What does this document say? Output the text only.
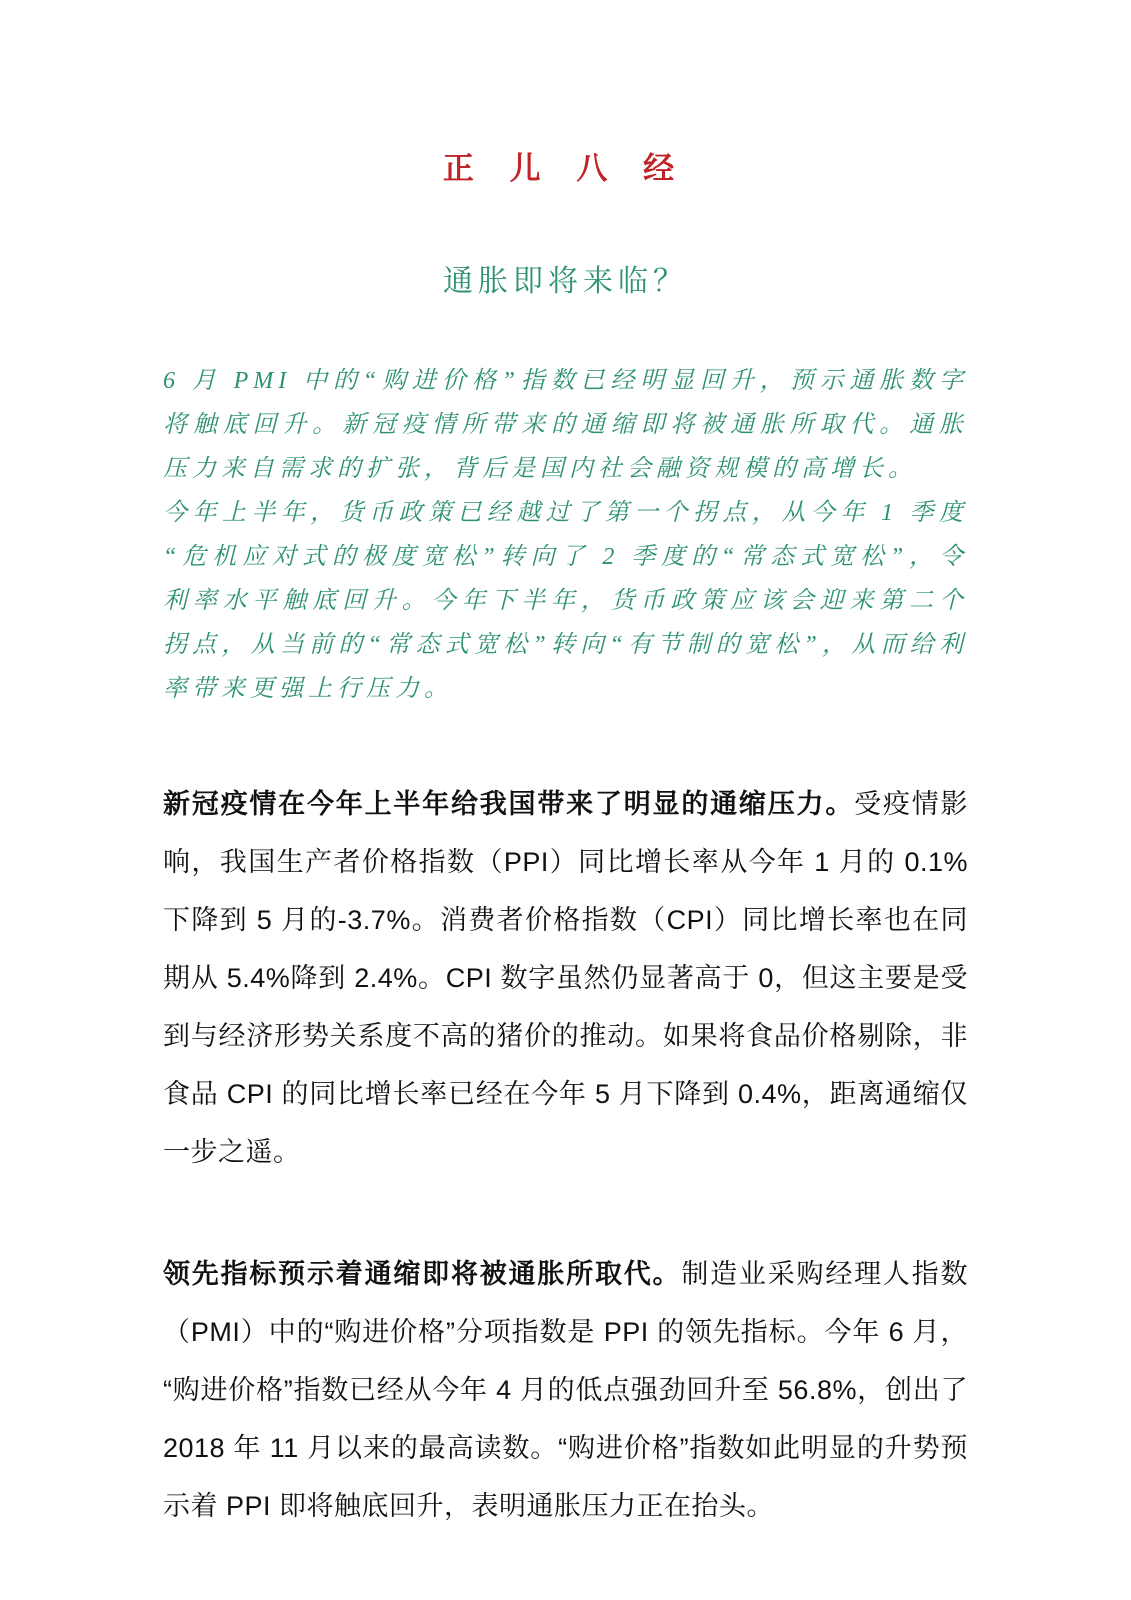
正 儿 八 经
通胀即将来临？

6 月 PMI 中的“购进价格”指数已经明显回升，预示通胀数字将触底回升。新冠疫情所带来的通缩即将被通胀所取代。通胀压力来自需求的扩张，背后是国内社会融资规模的高增长。

今年上半年，货币政策已经越过了第一个拐点，从今年 1 季度“危机应对式的极度宽松”转向了 2 季度的“常态式宽松”，令利率水平触底回升。今年下半年，货币政策应该会迎来第二个拐点，从当前的“常态式宽松”转向“有节制的宽松”，从而给利率带来更强上行压力。

新冠疫情在今年上半年给我国带来了明显的通缩压力。受疫情影响，我国生产者价格指数（PPI）同比增长率从今年 1 月的 0.1%下降到 5 月的-3.7%。消费者价格指数（CPI）同比增长率也在同期从 5.4%降到 2.4%。CPI 数字虽然仍显著高于 0，但这主要是受到与经济形势关系度不高的猪价的推动。如果将食品价格剔除，非食品 CPI 的同比增长率已经在今年 5 月下降到 0.4%，距离通缩仅一步之遥。

领先指标预示着通缩即将被通胀所取代。制造业采购经理人指数（PMI）中的“购进价格”分项指数是 PPI 的领先指标。今年 6 月，“购进价格”指数已经从今年 4 月的低点强劲回升至 56.8%，创出了 2018 年 11 月以来的最高读数。“购进价格”指数如此明显的升势预示着 PPI 即将触底回升，表明通胀压力正在抬头。
